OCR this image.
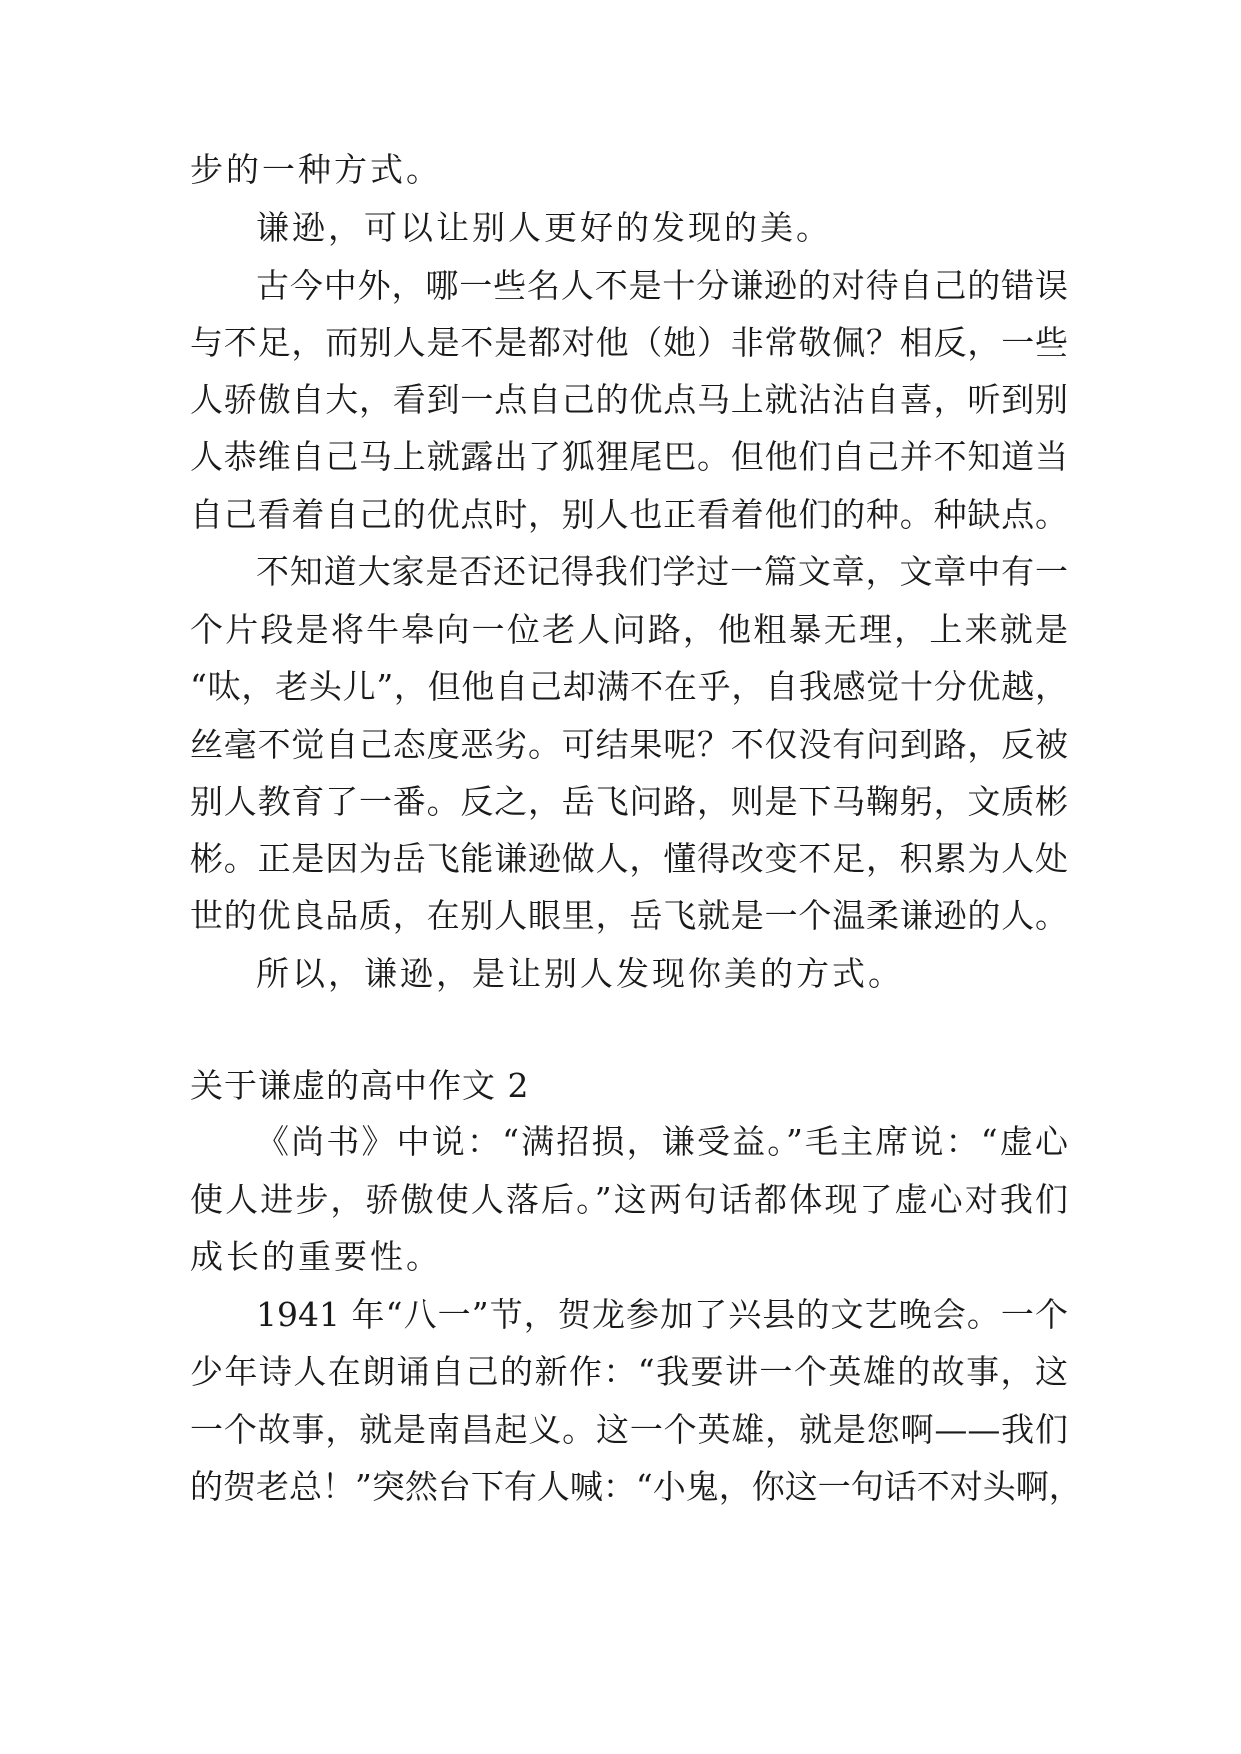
步的一种方式。
谦逊，可以让别人更好的发现的美。
古今中外，哪一些名人不是十分谦逊的对待自己的错误
与不足，而别人是不是都对他（她）非常敬佩？相反，一些
人骄傲自大，看到一点自己的优点马上就沾沾自喜，听到别
人恭维自己马上就露出了狐狸尾巴。但他们自己并不知道当
自己看着自己的优点时，别人也正看着他们的种。种缺点。
不知道大家是否还记得我们学过一篇文章，文章中有一
个片段是将牛皋向一位老人问路，他粗暴无理，上来就是
“呔，老头儿”，但他自己却满不在乎，自我感觉十分优越，
丝毫不觉自己态度恶劣。可结果呢？不仅没有问到路，反被
别人教育了一番。反之，岳飞问路，则是下马鞠躬，文质彬
彬。正是因为岳飞能谦逊做人，懂得改变不足，积累为人处
世的优良品质，在别人眼里，岳飞就是一个温柔谦逊的人。
所以，谦逊，是让别人发现你美的方式。
关于谦虚的高中作文 2
《尚书》中说：“满招损，谦受益。”毛主席说：“虚心
使人进步，骄傲使人落后。”这两句话都体现了虚心对我们
成长的重要性。
1941 年“八一”节，贺龙参加了兴县的文艺晚会。一个
少年诗人在朗诵自己的新作：“我要讲一个英雄的故事，这
一个故事，就是南昌起义。这一个英雄，就是您啊——我们
的贺老总！”突然台下有人喊：“小鬼，你这一句话不对头啊，
